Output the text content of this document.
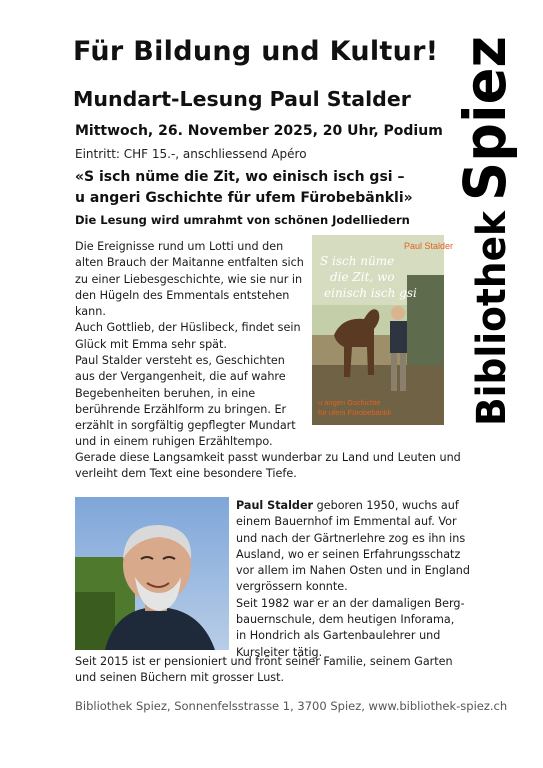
Für Bildung und Kultur!
Mundart-Lesung Paul Stalder
Mittwoch, 26. November 2025, 20 Uhr, Podium
Eintritt: CHF 15.-, anschliessend Apéro
«S isch nüme die Zit, wo einisch isch gsi –
u angeri Gschichte für ufem Fürobebänkli»
Die Lesung wird umrahmt von schönen Jodelliedern
Die Ereignisse rund um Lotti und den
alten Brauch der Maitanne entfalten sich
zu einer Liebesgeschichte, wie sie nur in
den Hügeln des Emmentals entstehen
kann.
Auch Gottlieb, der Hüslibeck, findet sein
Glück mit Emma sehr spät.
Paul Stalder versteht es, Geschichten
aus der Vergangenheit, die auf wahre
Begebenheiten beruhen, in eine
berührende Erzählform zu bringen. Er
erzählt in sorgfältig gepflegter Mundart
und in einem ruhigen Erzähltempo.
Gerade diese Langsamkeit passt wunderbar zu Land und Leuten und
verleiht dem Text eine besondere Tiefe.
Paul Stalder
S isch nüme
die Zit, wo
einisch isch gsi
u angeri Gschichte
für ufem Fürobebänkli
Paul Stalder geboren 1950, wuchs auf
einem Bauernhof im Emmental auf. Vor
und nach der Gärtnerlehre zog es ihn ins
Ausland, wo er seinen Erfahrungsschatz
vor allem im Nahen Osten und in England
vergrössern konnte.
Seit 1982 war er an der damaligen Berg-
bauernschule, dem heutigen Inforama,
in Hondrich als Gartenbaulehrer und
Kursleiter tätig.
Seit 2015 ist er pensioniert und frönt seiner Familie, seinem Garten
und seinen Büchern mit grosser Lust.
Bibliothek Spiez, Sonnenfelsstrasse 1, 3700 Spiez, www.bibliothek-spiez.ch
Bibliothek
Spiez
